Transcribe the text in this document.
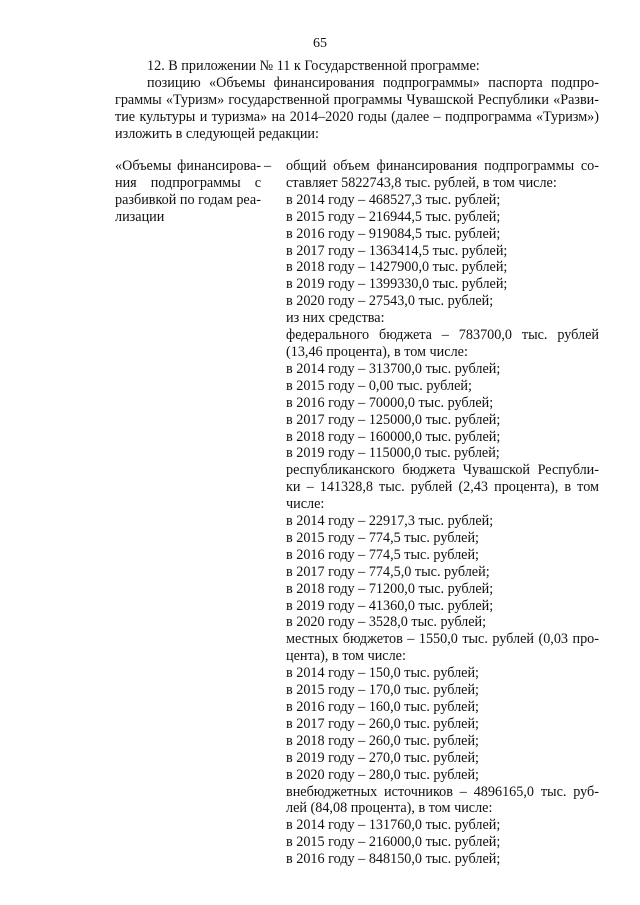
65

12. В приложении № 11 к Государственной программе:

позицию «Объемы финансирования подпрограммы» паспорта подпро-

граммы «Туризм» государственной программы Чувашской Республики «Разви-

тие культуры и туризма» на 2014–2020 годы (далее – подпрограмма «Туризм»)

изложить в следующей редакции:

«Объемы финансирова-

ния подпрограммы с

разбивкой по годам реа-

лизации

– общий объем финансирования подпрограммы со-
ставляет 5822743,8 тыс. рублей, в том числе:
в 2014 году – 468527,3 тыс. рублей;
в 2015 году – 216944,5 тыс. рублей;
в 2016 году – 919084,5 тыс. рублей;
в 2017 году – 1363414,5 тыс. рублей;
в 2018 году – 1427900,0 тыс. рублей;
в 2019 году – 1399330,0 тыс. рублей;
в 2020 году – 27543,0 тыс. рублей;
из них средства:
федерального бюджета – 783700,0 тыс. рублей
(13,46 процента), в том числе:
в 2014 году – 313700,0 тыс. рублей;
в 2015 году – 0,00 тыс. рублей;
в 2016 году – 70000,0 тыс. рублей;
в 2017 году – 125000,0 тыс. рублей;
в 2018 году – 160000,0 тыс. рублей;
в 2019 году – 115000,0 тыс. рублей;
республиканского бюджета Чувашской Республи-
ки – 141328,8 тыс. рублей (2,43 процента), в том
числе:
в 2014 году – 22917,3 тыс. рублей;
в 2015 году – 774,5 тыс. рублей;
в 2016 году – 774,5 тыс. рублей;
в 2017 году – 774,5,0 тыс. рублей;
в 2018 году – 71200,0 тыс. рублей;
в 2019 году – 41360,0 тыс. рублей;
в 2020 году – 3528,0 тыс. рублей;
местных бюджетов – 1550,0 тыс. рублей (0,03 про-
цента), в том числе:
в 2014 году – 150,0 тыс. рублей;
в 2015 году – 170,0 тыс. рублей;
в 2016 году – 160,0 тыс. рублей;
в 2017 году – 260,0 тыс. рублей;
в 2018 году – 260,0 тыс. рублей;
в 2019 году – 270,0 тыс. рублей;
в 2020 году – 280,0 тыс. рублей;
внебюджетных источников – 4896165,0 тыс. руб-
лей (84,08 процента), в том числе:
в 2014 году – 131760,0 тыс. рублей;
в 2015 году – 216000,0 тыс. рублей;
в 2016 году – 848150,0 тыс. рублей;
